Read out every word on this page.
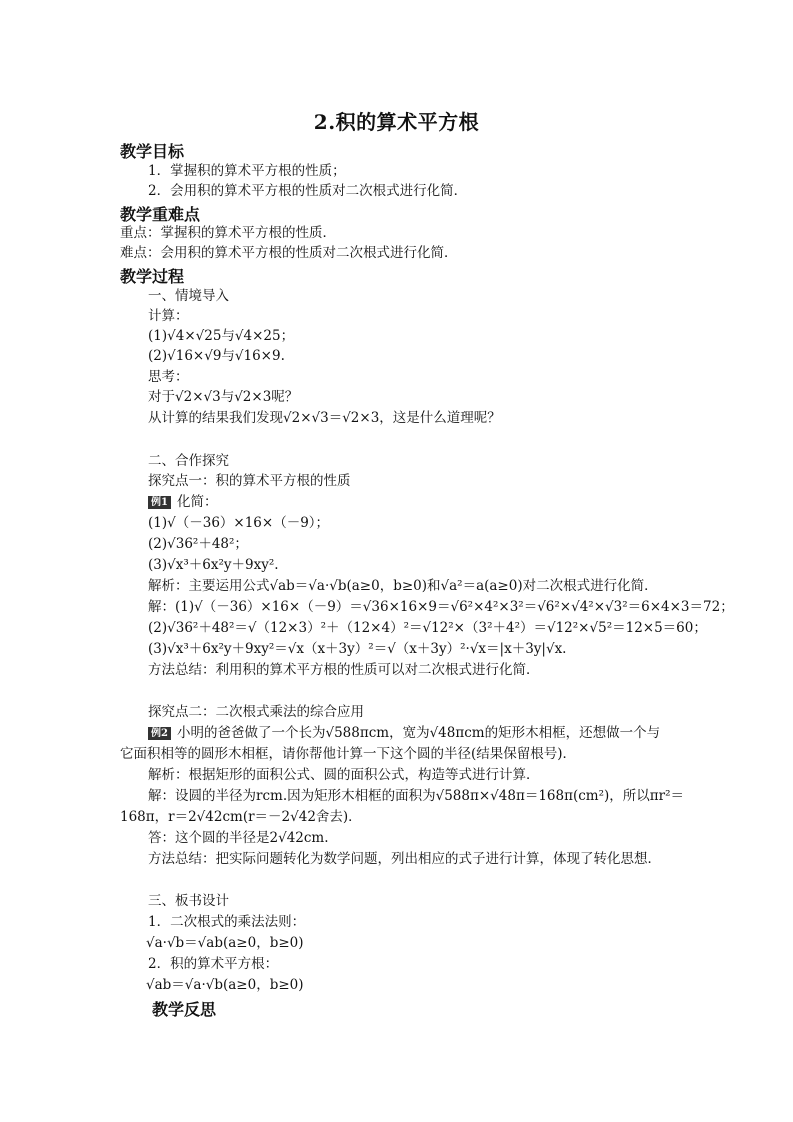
2.积的算术平方根
教学目标
1．掌握积的算术平方根的性质；
2．会用积的算术平方根的性质对二次根式进行化简．
教学重难点
重点：掌握积的算术平方根的性质．
难点：会用积的算术平方根的性质对二次根式进行化简．
教学过程
一、情境导入
计算：
(1)√4×√25与√4×25；
(2)√16×√9与√16×9.
思考：
对于√2×√3与√2×3呢？
从计算的结果我们发现√2×√3＝√2×3，这是什么道理呢？
二、合作探究
探究点一：积的算术平方根的性质
例1 化简：
(1)√（－36）×16×（－9）；
(2)√36²＋48²；
(3)√x³＋6x²y＋9xy².
解析：主要运用公式√ab＝√a·√b(a≥0，b≥0)和√a²＝a(a≥0)对二次根式进行化简．
解：(1)√（－36）×16×（－9）＝√36×16×9＝√6²×4²×3²＝√6²×√4²×√3²＝6×4×3＝72；
(2)√36²＋48²＝√（12×3）²＋（12×4）²＝√12²×（3²＋4²）＝√12²×√5²＝12×5＝60；
(3)√x³＋6x²y＋9xy²＝√x（x＋3y）²＝√（x＋3y）²·√x＝|x＋3y|√x.
方法总结：利用积的算术平方根的性质可以对二次根式进行化简．
探究点二：二次根式乘法的综合应用
例2 小明的爸爸做了一个长为√588πcm，宽为√48πcm的矩形木相框，还想做一个与
它面积相等的圆形木相框，请你帮他计算一下这个圆的半径(结果保留根号)．
解析：根据矩形的面积公式、圆的面积公式，构造等式进行计算．
解：设圆的半径为rcm.因为矩形木相框的面积为√588π×√48π＝168π(cm²)，所以πr²＝
168π，r＝2√42cm(r＝－2√42舍去)．
答：这个圆的半径是2√42cm.
方法总结：把实际问题转化为数学问题，列出相应的式子进行计算，体现了转化思想．
三、板书设计
1．二次根式的乘法法则：
√a·√b＝√ab(a≥0，b≥0)
2．积的算术平方根：
√ab＝√a·√b(a≥0，b≥0)
教学反思
